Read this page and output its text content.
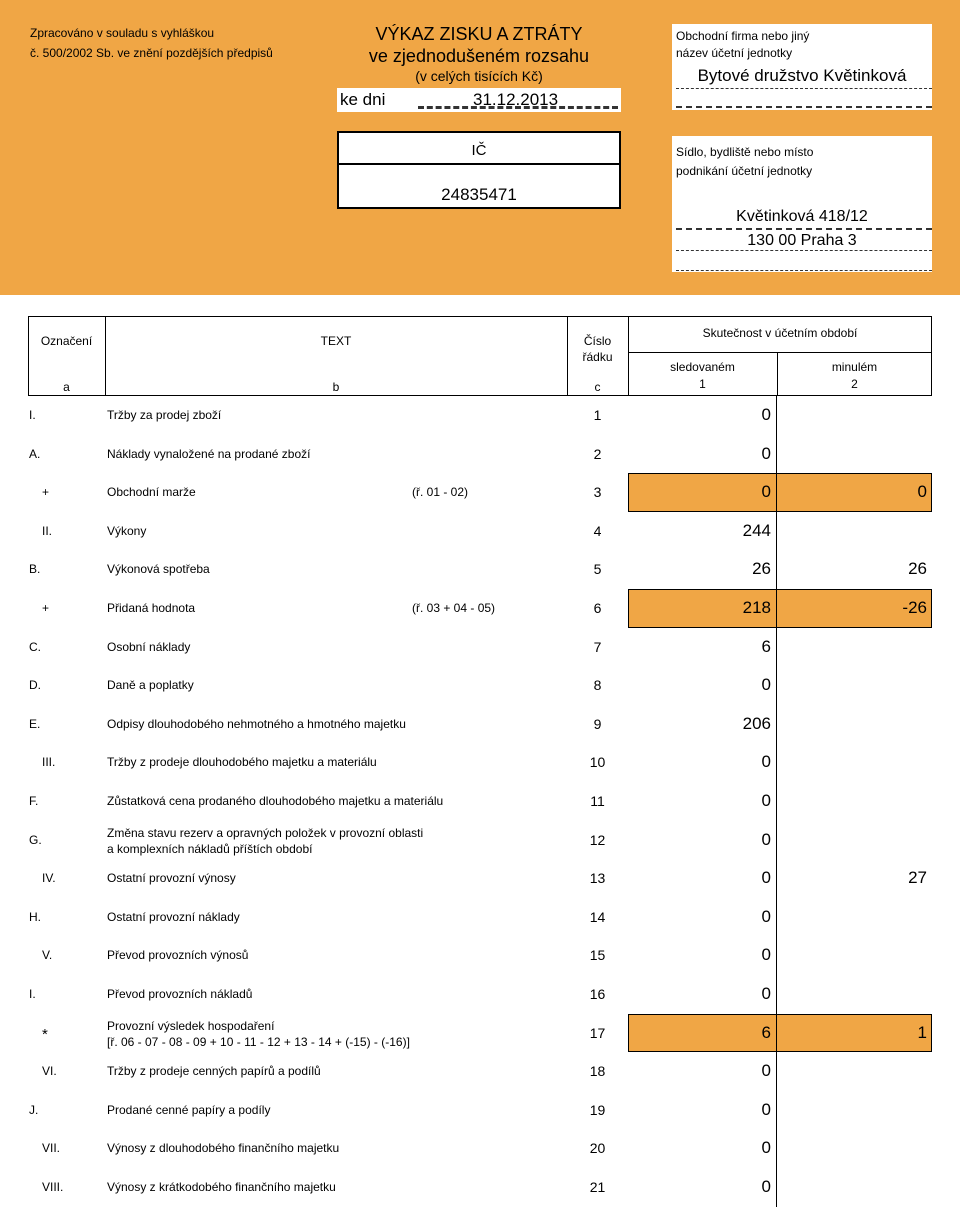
Zpracováno v souladu s vyhláškou
č. 500/2002 Sb. ve znění pozdějších předpisů
VÝKAZ ZISKU A ZTRÁTY
ve zjednodušeném rozsahu
(v celých tisících Kč)
ke dni	31.12.2013
IČ
24835471
Obchodní firma nebo jiný
název účetní jednotky
Bytové družstvo Květinková
Sídlo, bydliště nebo místo
podnikání účetní jednotky
Květinková 418/12
130 00 Praha 3
Označení	TEXT	Číslo
řádku
Skutečnost v účetním období
sledovaném	minulém
a	b	c	1	2
I.	Tržby za prodej zboží	1	0
A.	Náklady vynaložené na prodané zboží	2	0
+	Obchodní marže	(ř. 01 - 02)	3	0	0
II.	Výkony	4	244
B.	Výkonová spotřeba	5	26	26
+	Přidaná hodnota	(ř. 03 + 04 - 05)	6	218	-26
C.	Osobní náklady	7	6
D.	Daně a poplatky	8	0
E.	Odpisy dlouhodobého nehmotného a hmotného majetku	9	206
III.	Tržby z prodeje dlouhodobého majetku a materiálu	10	0
F.	Zůstatková cena prodaného dlouhodobého majetku a materiálu	11	0
G.	Změna stavu rezerv a opravných položek v provozní oblasti
a komplexních nákladů příštích období
12	0
IV.	Ostatní provozní výnosy	13	0	27
H.	Ostatní provozní náklady	14	0
V.	Převod provozních výnosů	15	0
I.	Převod provozních nákladů	16	0
*	Provozní výsledek hospodaření
[ř. 06 - 07 - 08 - 09 + 10 - 11 - 12 + 13 - 14 + (-15) - (-16)]
17	6	1
VI.	Tržby z prodeje cenných papírů a podílů	18	0
J.	Prodané cenné papíry a podíly	19	0
VII.	Výnosy z dlouhodobého finančního majetku	20	0
VIII.	Výnosy z krátkodobého finančního majetku	21	0
